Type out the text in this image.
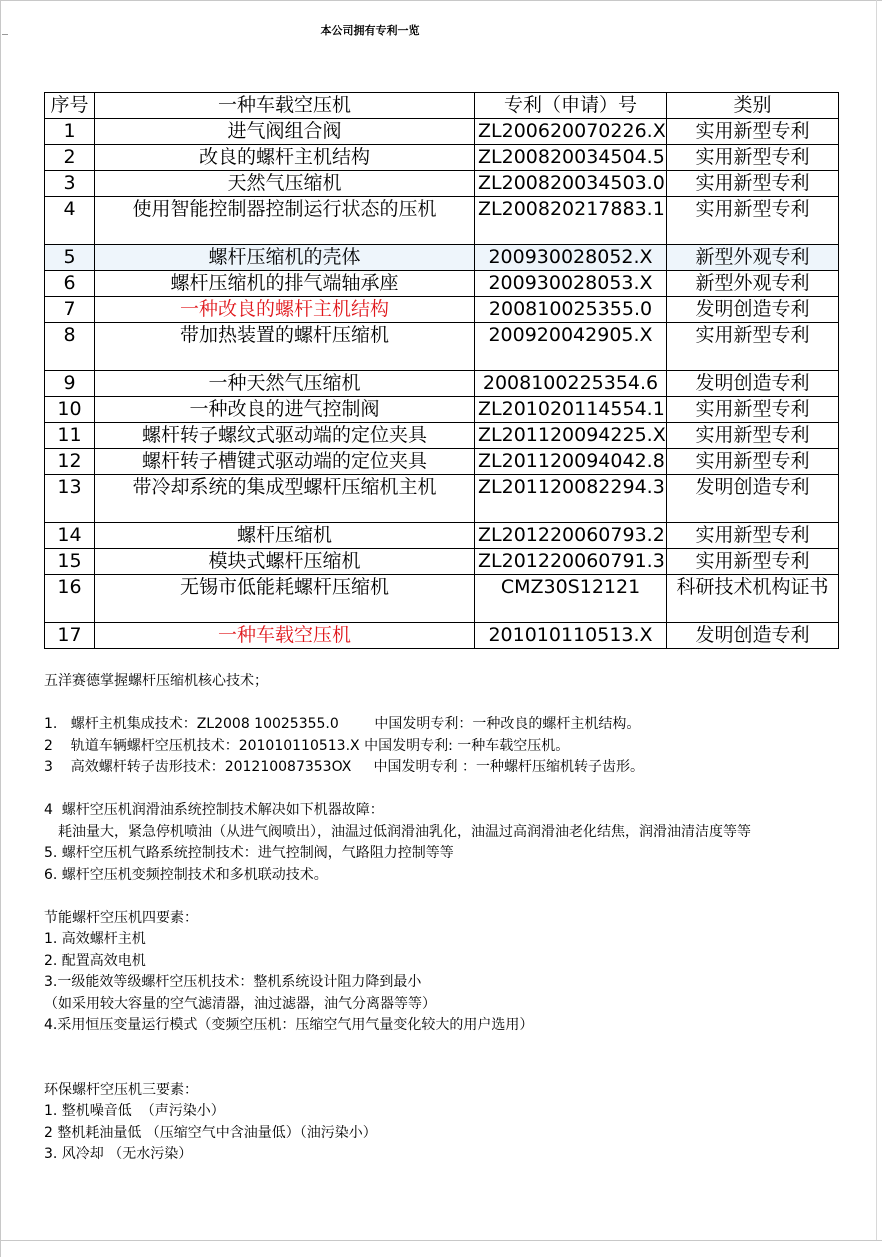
本公司拥有专利一览
序号	一种车载空压机	专利（申请）号	类别
1	进气阀组合阀	ZL200620070226.X	实用新型专利
2	改良的螺杆主机结构	ZL200820034504.5	实用新型专利
3	天然气压缩机	ZL200820034503.0	实用新型专利
4	使用智能控制器控制运行状态的压机	ZL200820217883.1	实用新型专利
5	螺杆压缩机的壳体	200930028052.X	新型外观专利
6	螺杆压缩机的排气端轴承座	200930028053.X	新型外观专利
7	一种改良的螺杆主机结构	200810025355.0	发明创造专利
8	带加热装置的螺杆压缩机	200920042905.X	实用新型专利
9	一种天然气压缩机	2008100225354.6	发明创造专利
10	一种改良的进气控制阀	ZL201020114554.1	实用新型专利
11	螺杆转子螺纹式驱动端的定位夹具	ZL201120094225.X	实用新型专利
12	螺杆转子槽键式驱动端的定位夹具	ZL201120094042.8	实用新型专利
13	带冷却系统的集成型螺杆压缩机主机	ZL201120082294.3	发明创造专利
14	螺杆压缩机	ZL201220060793.2	实用新型专利
15	模块式螺杆压缩机	ZL201220060791.3	实用新型专利
16	无锡市低能耗螺杆压缩机	CMZ30S12121	科研技术机构证书
17	一种车载空压机	201010110513.X	发明创造专利

五洋赛德掌握螺杆压缩机核心技术；

1.   螺杆主机集成技术：ZL2008 10025355.0        中国发明专利：一种改良的螺杆主机结构。

2    轨道车辆螺杆空压机技术：201010110513.X 中国发明专利: 一种车载空压机。

3    高效螺杆转子齿形技术：201210087353OX     中国发明专利 ：一种螺杆压缩机转子齿形。

4  螺杆空压机润滑油系统控制技术解决如下机器故障：

耗油量大，紧急停机喷油（从进气阀喷出），油温过低润滑油乳化，油温过高润滑油老化结焦，润滑油清洁度等等

5. 螺杆空压机气路系统控制技术：进气控制阀，气路阻力控制等等

6. 螺杆空压机变频控制技术和多机联动技术。

节能螺杆空压机四要素：

1. 高效螺杆主机

2. 配置高效电机

3.一级能效等级螺杆空压机技术：整机系统设计阻力降到最小

（如采用较大容量的空气滤清器，油过滤器，油气分离器等等）

4.采用恒压变量运行模式（变频空压机：压缩空气用气量变化较大的用户选用）

环保螺杆空压机三要素：

1. 整机噪音低  （声污染小）

2 整机耗油量低 （压缩空气中含油量低）（油污染小）

3. 风冷却 （无水污染）
